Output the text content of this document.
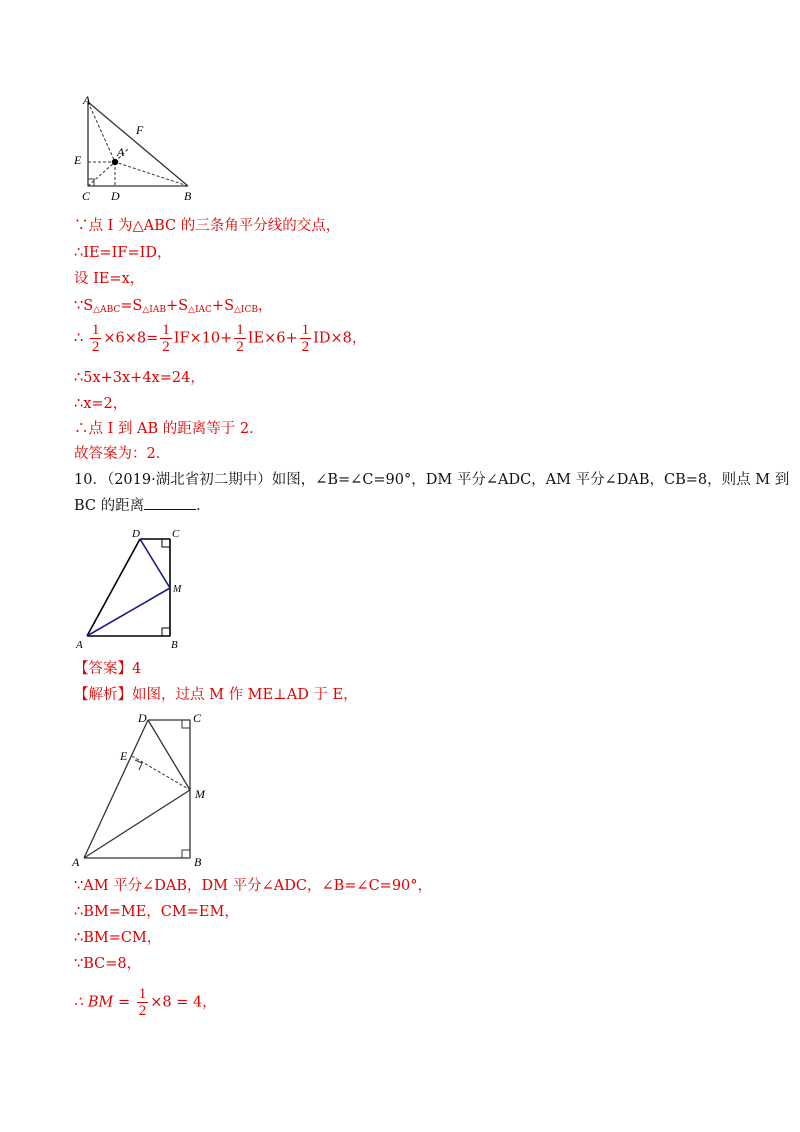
A
F
E
A
C D	B
∵点 I 为△ABC 的三条角平分线的交点，
∴IE=IF=ID，
设 IE=x，
$\because S_{\triangle ABC}=S_{\triangle IAB}+S_{\triangle IAC}+S_{\triangle ICB}$，
∴ $\frac{1}{2} \times 6\times 8= \frac{1}{2} IF\times 10+ \frac{1}{2} IE\times 6+ \frac{1}{2} ID\times 8$，
∴5x+3x+4x=24，
∴x=2，
∴点 I 到 AB 的距离等于 2．
故答案为：2．
10．（2019·湖北省初二期中）如图，∠B=∠C=90°，DM 平分∠ADC，AM 平分∠DAB，CB=8，则点 M 到
BC 的距离	．
D	C
M
A	B
【答案】4
【解析】如图，过点 M 作 ME⊥AD 于 E，
D	C
E
M
A	B
∵AM 平分∠DAB，DM 平分∠ADC，∠B=∠C=90°，
∴BM=ME，CM=EM，
∴BM=CM，
∵BC=8，
∴ BM = $\frac{1}{2} \times 8 = 4$，
